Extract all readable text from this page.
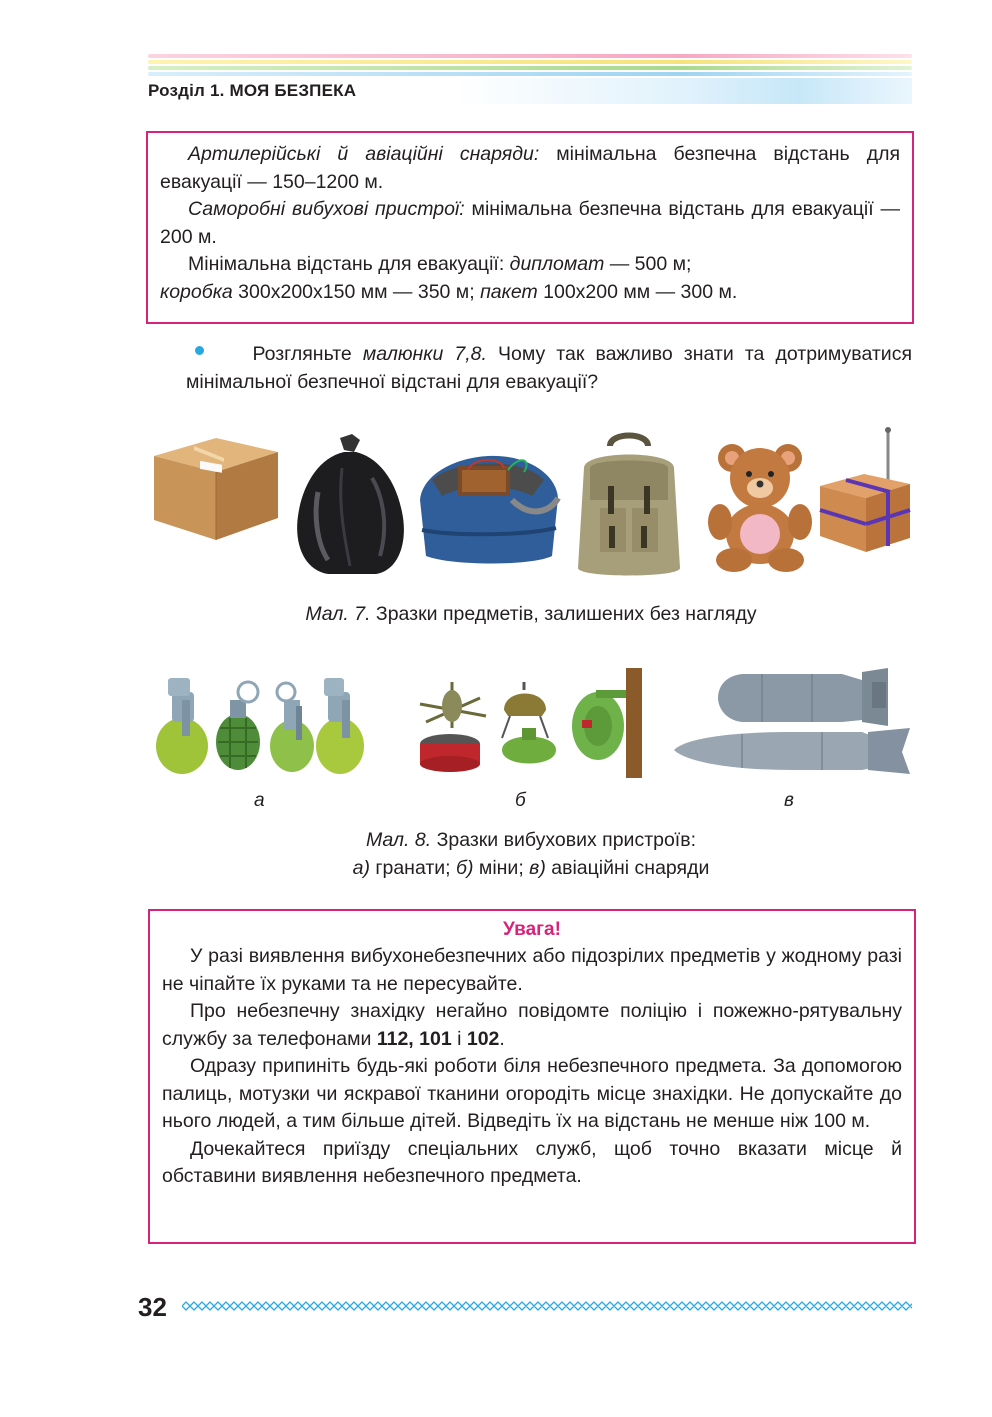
Розділ 1. МОЯ БЕЗПЕКА

Артилерійські й авіаційні снаряди: мінімальна безпечна відстань для евакуації — 150–1200 м.

Саморобні вибухові пристрої: мінімальна безпечна відстань для евакуації — 200 м.

Мінімальна відстань для евакуації: дипломат — 500 м;
коробка 300х200х150 мм — 350 м; пакет 100х200 мм — 300 м.

Розгляньте малюнки 7,8. Чому так важливо знати та дотримуватися мінімальної безпечної відстані для евакуації?

Мал. 7. Зразки предметів, залишених без нагляду

а	б	в

Мал. 8. Зразки вибухових пристроїв:
а) гранати; б) міни; в) авіаційні снаряди

Увага!

У разі виявлення вибухонебезпечних або підозрілих предметів у жодному разі не чіпайте їх руками та не пересувайте.

Про небезпечну знахідку негайно повідомте поліцію і пожежно-рятувальну службу за телефонами 112, 101 і 102.

Одразу припиніть будь-які роботи біля небезпечного предмета. За допомогою палиць, мотузки чи яскравої тканини огородіть місце знахідки. Не допускайте до нього людей, а тим більше дітей. Відведіть їх на відстань не менше ніж 100 м.

Дочекайтеся приїзду спеціальних служб, щоб точно вказати місце й обставини виявлення небезпечного предмета.

32
